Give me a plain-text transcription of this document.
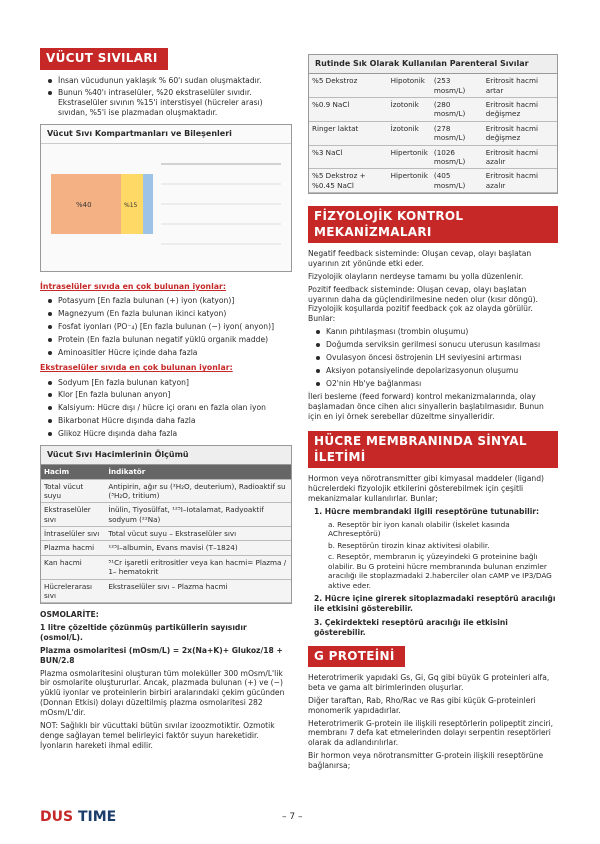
VÜCUT SIVILARI
İnsan vücudunun yaklaşık % 60'ı sudan oluşmaktadır.
Bunun %40'ı intraselüler, %20 ekstraselüler sıvıdır. Ekstraselüler sıvının %15'i interstisyel (hücreler arası) sıvıdan, %5'i ise plazmadan oluşmaktadır.
Vücut Sıvı Kompartmanları ve Bileşenleri
%40	%15
İntraselüler sıvıda en çok bulunan iyonlar:
Potasyum [En fazla bulunan (+) iyon (katyon)]
Magnezyum (En fazla bulunan ikinci katyon)
Fosfat iyonları (PO⁻₄) [En fazla bulunan (−) iyon( anyon)]
Protein (En fazla bulunan negatif yüklü organik madde)
Aminoasitler Hücre içinde daha fazla
Ekstraselüler sıvıda en çok bulunan iyonlar:
Sodyum [En fazla bulunan katyon]
Klor [En fazla bulunan anyon]
Kalsiyum: Hücre dışı / hücre içi oranı en fazla olan iyon
Bikarbonat Hücre dışında daha fazla
Glikoz Hücre dışında daha fazla
Vücut Sıvı Hacimlerinin Ölçümü
Hacim	İndikatör
Total vücut suyu	Antipirin, ağır su (²H₂O, deuterium), Radioaktif su (³H₂O, tritium)
Ekstraselüler sıvı	İnülin, Tiyosülfat, ¹²⁵I–Iotalamat, Radyoaktif sodyum (²²Na)
İntraselüler sıvı	Total vücut suyu – Ekstraselüler sıvı
Plazma hacmi	¹²⁵I–albumin, Evans mavisi (T–1824)
Kan hacmi	⁵¹Cr işaretli eritrositler veya kan hacmi= Plazma / 1– hematokrit
Hücrelerarası sıvı	Ekstraselüler sıvı – Plazma hacmi
OSMOLARİTE:

1 litre çözeltide çözünmüş partiküllerin sayısıdır (osmol/L).

Plazma osmolaritesi (mOsm/L) = 2x(Na+K)+ Glukoz/18 + BUN/2.8

Plazma osmolaritesini oluşturan tüm moleküller 300 mOsm/L'lik bir osmolarite oluştururlar. Ancak, plazmada bulunan (+) ve (−) yüklü iyonlar ve proteinlerin birbiri aralarındaki çekim gücünden (Donnan Etkisi) dolayı düzeltilmiş plazma osmolaritesi 282 mOsm/L'dir.

NOT: Sağlıklı bir vücuttaki bütün sıvılar izoozmotiktir. Ozmotik denge sağlayan temel belirleyici faktör suyun hareketidir. İyonların hareketi ihmal edilir.

Rutinde Sık Olarak Kullanılan Parenteral Sıvılar
%5 Dekstroz	Hipotonik	(253 mosm/L)	Eritrosit hacmi artar
%0.9 NaCl	İzotonik	(280 mosm/L)	Eritrosit hacmi değişmez
Ringer laktat	İzotonik	(278 mosm/L)	Eritrosit hacmi değişmez
%3 NaCl	Hipertonik	(1026 mosm/L)	Eritrosit hacmi azalır
%5 Dekstroz + %0.45 NaCl	Hipertonik	(405 mosm/L)	Eritrosit hacmi azalır
FİZYOLOJİK KONTROL MEKANİZMALARI

Negatif feedback sisteminde: Oluşan cevap, olayı başlatan uyarının zıt yönünde etki eder.

Fizyolojik olayların nerdeyse tamamı bu yolla düzenlenir.

Pozitif feedback sisteminde: Oluşan cevap, olayı başlatan uyarının daha da güçlendirilmesine neden olur (kısır döngü). Fizyolojik koşullarda pozitif feedback çok az olayda görülür. Bunlar:

Kanın pıhtılaşması (trombin oluşumu)
Doğumda serviksin gerilmesi sonucu uterusun kasılması
Ovulasyon öncesi östrojenin LH seviyesini artırması
Aksiyon potansiyelinde depolarizasyonun oluşumu
O2'nin Hb'ye bağlanması

İleri besleme (feed forward) kontrol mekanizmalarında, olay başlamadan önce cihen alıcı sinyallerin başlatılmasıdır. Bunun için en iyi örnek serebellar düzeltme sinyalleridir.

HÜCRE MEMBRANINDA SİNYAL İLETİMİ

Hormon veya nörotransmitter gibi kimyasal maddeler (ligand) hücrelerdeki fizyolojik etkilerini gösterebilmek için çeşitli mekanizmalar kullanılırlar. Bunlar;

1. Hücre membrandaki ilgili reseptörüne tutunabilir:
a. Reseptör bir iyon kanalı olabilir (İskelet kasında AChreseptörü)
b. Reseptörün tirozin kinaz aktivitesi olabilir.
c. Reseptör, membranın iç yüzeyindeki G proteinine bağlı olabilir. Bu G proteini hücre membranında bulunan enzimler aracılığı ile stoplazmadaki 2.haberciler olan cAMP ve IP3/DAG aktive eder.
2. Hücre içine girerek sitoplazmadaki reseptörü aracılığı ile etkisini gösterebilir.
3. Çekirdekteki reseptörü aracılığı ile etkisini gösterebilir.
G PROTEİNİ

Heterotrimerik yapıdaki Gs, Gi, Gq gibi büyük G proteinleri alfa, beta ve gama alt birimlerinden oluşurlar.

Diğer taraftan, Rab, Rho/Rac ve Ras gibi küçük G-proteinleri monomerik yapıdadırlar.

Heterotrimerik G-protein ile ilişkili reseptörlerin polipeptit zinciri, membranı 7 defa kat etmelerinden dolayı serpentin reseptörleri olarak da adlandırılırlar.

Bir hormon veya nörotransmitter G-protein ilişkili reseptörüne bağlanırsa;

DUS TIME	– 7 –
